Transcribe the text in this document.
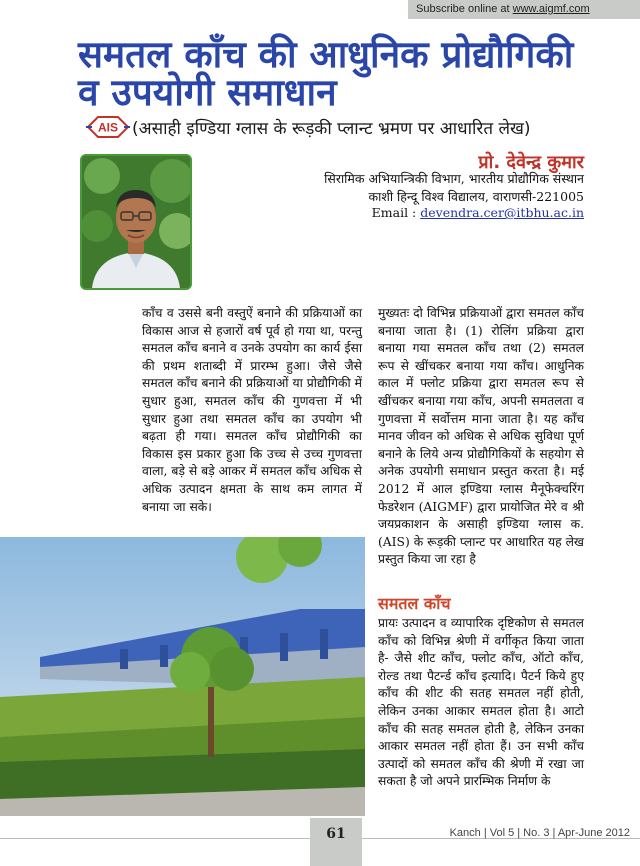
Subscribe online at www.aigmf.com
समतल काँच की आधुनिक प्रोद्यौगिकी
व उपयोगी समाधान
AIS (असाही इण्डिया ग्लास के रूड़की प्लान्ट भ्रमण पर आधारित लेख)
प्रो. देवेन्द्र कुमार
सिरामिक अभियान्त्रिकी विभाग, भारतीय प्रोद्यौगिक संस्थान
काशी हिन्दू विश्व विद्यालय, वाराणसी-221005
Email : devendra.cer@itbhu.ac.in

काँच व उससे बनी वस्तुऐं बनाने की प्रक्रियाओं का विकास आज से हजारों वर्ष पूर्व हो गया था, परन्तु समतल काँच बनाने व उनके उपयोग का कार्य ईसा की प्रथम शताब्दी में प्रारम्भ हुआ। जैसे जैसे समतल काँच बनाने की प्रक्रियाओं या प्रोद्यौगिकी में सुधार हुआ, समतल काँच की गुणवत्ता में भी सुधार हुआ तथा समतल काँच का उपयोग भी बढ़ता ही गया। समतल काँच प्रोद्यौगिकी का विकास इस प्रकार हुआ कि उच्च से उच्च गुणवत्ता वाला, बड़े से बड़े आकर में समतल काँच अधिक से अधिक उत्पादन क्षमता के साथ कम लागत में बनाया जा सके।

मुख्यतः दो विभिन्न प्रक्रियाओं द्वारा समतल काँच बनाया जाता है। (1) रोलिंग प्रक्रिया द्वारा बनाया गया समतल काँच तथा (2) समतल रूप से खींचकर बनाया गया काँच। आधुनिक काल में फ्लोट प्रक्रिया द्वारा समतल रूप से खींचकर बनाया गया काँच, अपनी समतलता व गुणवत्ता में सर्वोत्तम माना जाता है। यह काँच मानव जीवन को अधिक से अधिक सुविधा पूर्ण बनाने के लिये अन्य प्रोद्यौगिकियों के सहयोग से अनेक उपयोगी समाधान प्रस्तुत करता है। मई 2012 में आल इण्डिया ग्लास मैनूफेक्चरिंग फेडरेशन (AIGMF) द्वारा प्रायोजित मेरे व श्री जयप्रकाशन के असाही इण्डिया ग्लास क. (AIS) के रूड़की प्लान्ट पर आधारित यह लेख प्रस्तुत किया जा रहा है

समतल काँच

प्रायः उत्पादन व व्यापारिक दृष्टिकोण से समतल काँच को विभिन्न श्रेणी में वर्गीकृत किया जाता है- जैसे शीट काँच, फ्लोट काँच, ऑटो काँच, रोल्ड तथा पैटर्न्ड काँच इत्यादि। पैटर्न किये हुए काँच की शीट की सतह समतल नहीं होती, लेकिन उनका आकार समतल होता है। आटो काँच की सतह समतल होती है, लेकिन उनका आकार समतल नहीं होता हैं। उन सभी काँच उत्पादों को समतल काँच की श्रेणी में रखा जा सकता है जो अपने प्रारम्भिक निर्माण के

61	Kanch | Vol 5 | No. 3 | Apr-June 2012
